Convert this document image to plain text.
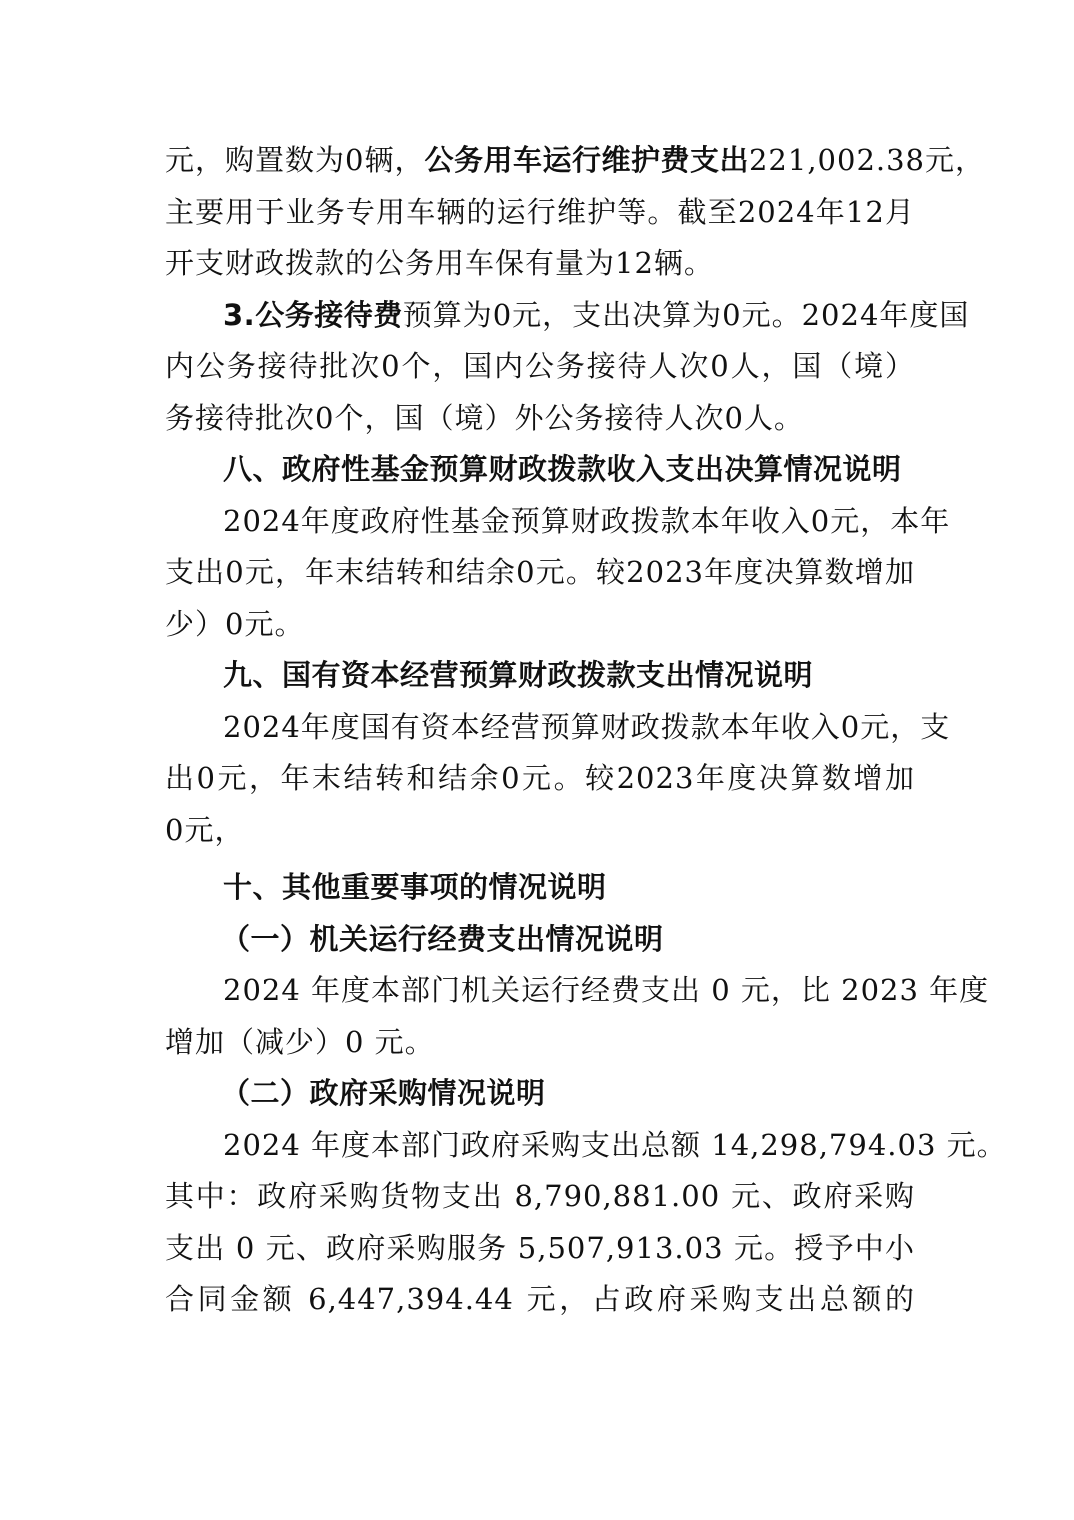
元，购置数为0辆，公务用车运行维护费支出221,002.38元，
主要用于业务专用车辆的运行维护等。截至2024年12月
开支财政拨款的公务用车保有量为12辆。
3.公务接待费预算为0元，支出决算为0元。2024年度国
内公务接待批次0个，国内公务接待人次0人，国（境）
务接待批次0个，国（境）外公务接待人次0人。
八、政府性基金预算财政拨款收入支出决算情况说明
2024年度政府性基金预算财政拨款本年收入0元，本年
支出0元，年末结转和结余0元。较2023年度决算数增加
少）0元。
九、国有资本经营预算财政拨款支出情况说明
2024年度国有资本经营预算财政拨款本年收入0元，支
出0元，年末结转和结余0元。较2023年度决算数增加
0元，
十、其他重要事项的情况说明
（一）机关运行经费支出情况说明
2024 年度本部门机关运行经费支出 0 元，比 2023 年度
增加（减少）0 元。
（二）政府采购情况说明
2024 年度本部门政府采购支出总额 14,298,794.03 元。
其中：政府采购货物支出 8,790,881.00 元、政府采购
支出 0 元、政府采购服务 5,507,913.03 元。授予中小
合同金额 6,447,394.44 元，占政府采购支出总额的
